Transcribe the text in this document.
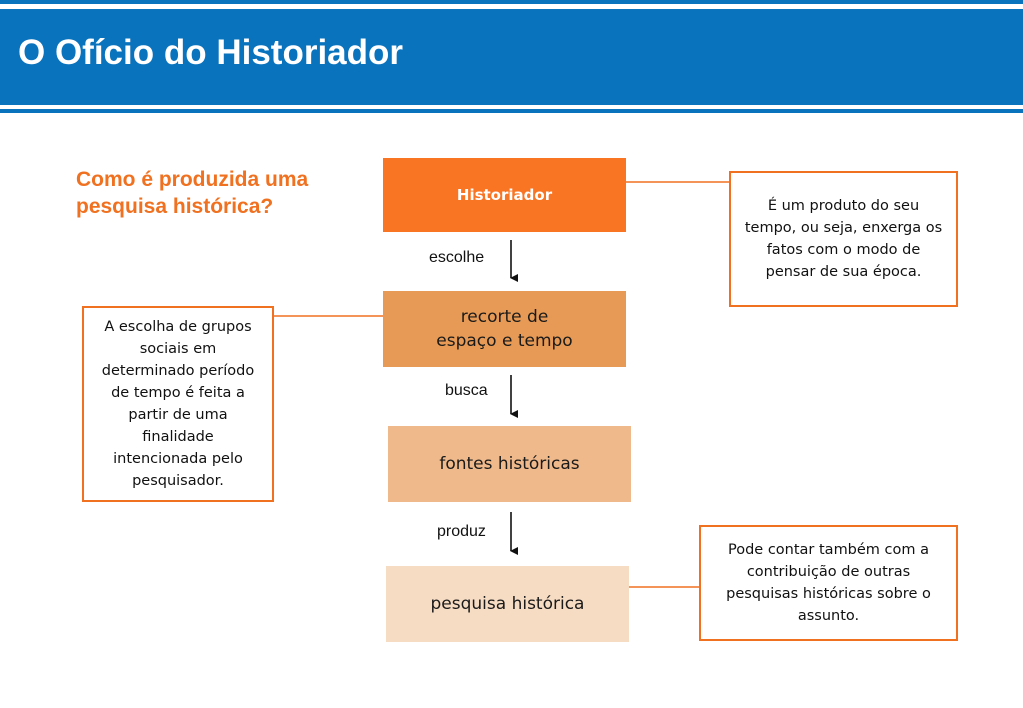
O Ofício do Historiador
Como é produzida uma pesquisa histórica?	Historiador
escolhe
recorte de
espaço e tempo
busca
fontes históricas
produz
pesquisa histórica
É um produto do seu tempo, ou seja, enxerga os fatos com o modo de pensar de sua época.
A escolha de grupos sociais em determinado período de tempo é feita a partir de uma finalidade intencionada pelo pesquisador.
Pode contar também com a contribuição de outras pesquisas históricas sobre o assunto.
